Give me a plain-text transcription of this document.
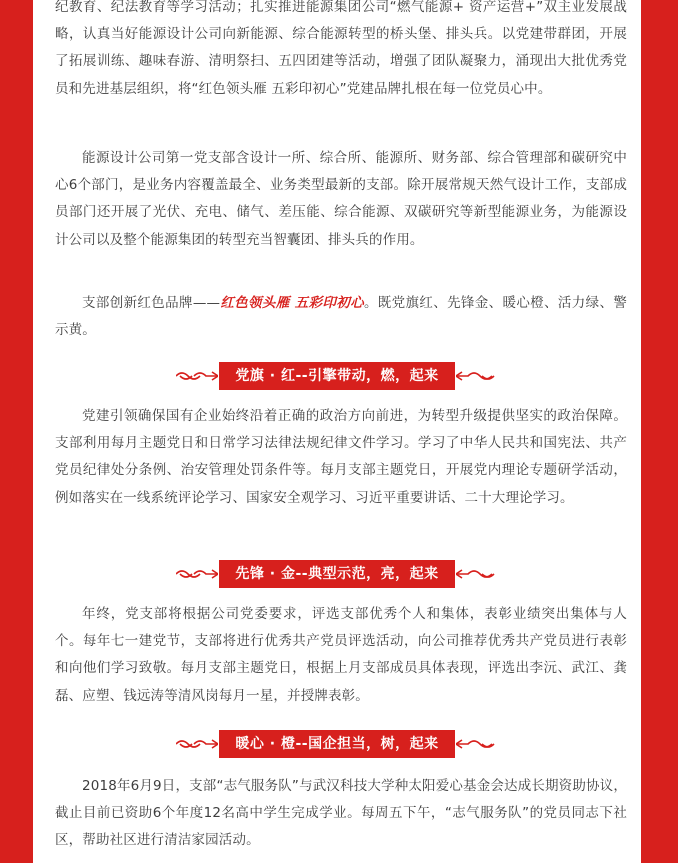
纪教育、纪法教育等学习活动；扎实推进能源集团公司“燃气能源+ 资产运营+”双主业发展战略，认真当好能源设计公司向新能源、综合能源转型的桥头堡、排头兵。以党建带群团，开展了拓展训练、趣味春游、清明祭扫、五四团建等活动，增强了团队凝聚力，涌现出大批优秀党员和先进基层组织，将“红色领头雁 五彩印初心”党建品牌扎根在每一位党员心中。

能源设计公司第一党支部含设计一所、综合所、能源所、财务部、综合管理部和碳研究中心6个部门，是业务内容覆盖最全、业务类型最新的支部。除开展常规天然气设计工作，支部成员部门还开展了光伏、充电、储气、差压能、综合能源、双碳研究等新型能源业务，为能源设计公司以及整个能源集团的转型充当智囊团、排头兵的作用。

支部创新红色品牌——红色领头雁 五彩印初心。既党旗红、先锋金、暖心橙、活力绿、警示黄。

党建引领确保国有企业始终沿着正确的政治方向前进，为转型升级提供坚实的政治保障。支部利用每月主题党日和日常学习法律法规纪律文件学习。学习了中华人民共和国宪法、共产党员纪律处分条例、治安管理处罚条件等。每月支部主题党日，开展党内理论专题研学活动，例如落实在一线系统评论学习、国家安全观学习、习近平重要讲话、二十大理论学习。

年终，党支部将根据公司党委要求，评选支部优秀个人和集体，表彰业绩突出集体与人个。每年七一建党节，支部将进行优秀共产党员评选活动，向公司推荐优秀共产党员进行表彰和向他们学习致敬。每月支部主题党日，根据上月支部成员具体表现，评选出李沅、武江、龚磊、应塑、钱远涛等清风岗每月一星，并授牌表彰。

2018年6月9日，支部“志气服务队”与武汉科技大学种太阳爱心基金会达成长期资助协议，截止目前已资助6个年度12名高中学生完成学业。每周五下午，“志气服务队”的党员同志下社区，帮助社区进行清洁家园活动。

党旗 · 红--引擎带动，燃，起来
先锋 · 金--典型示范，亮，起来
暖心 · 橙--国企担当，树，起来
